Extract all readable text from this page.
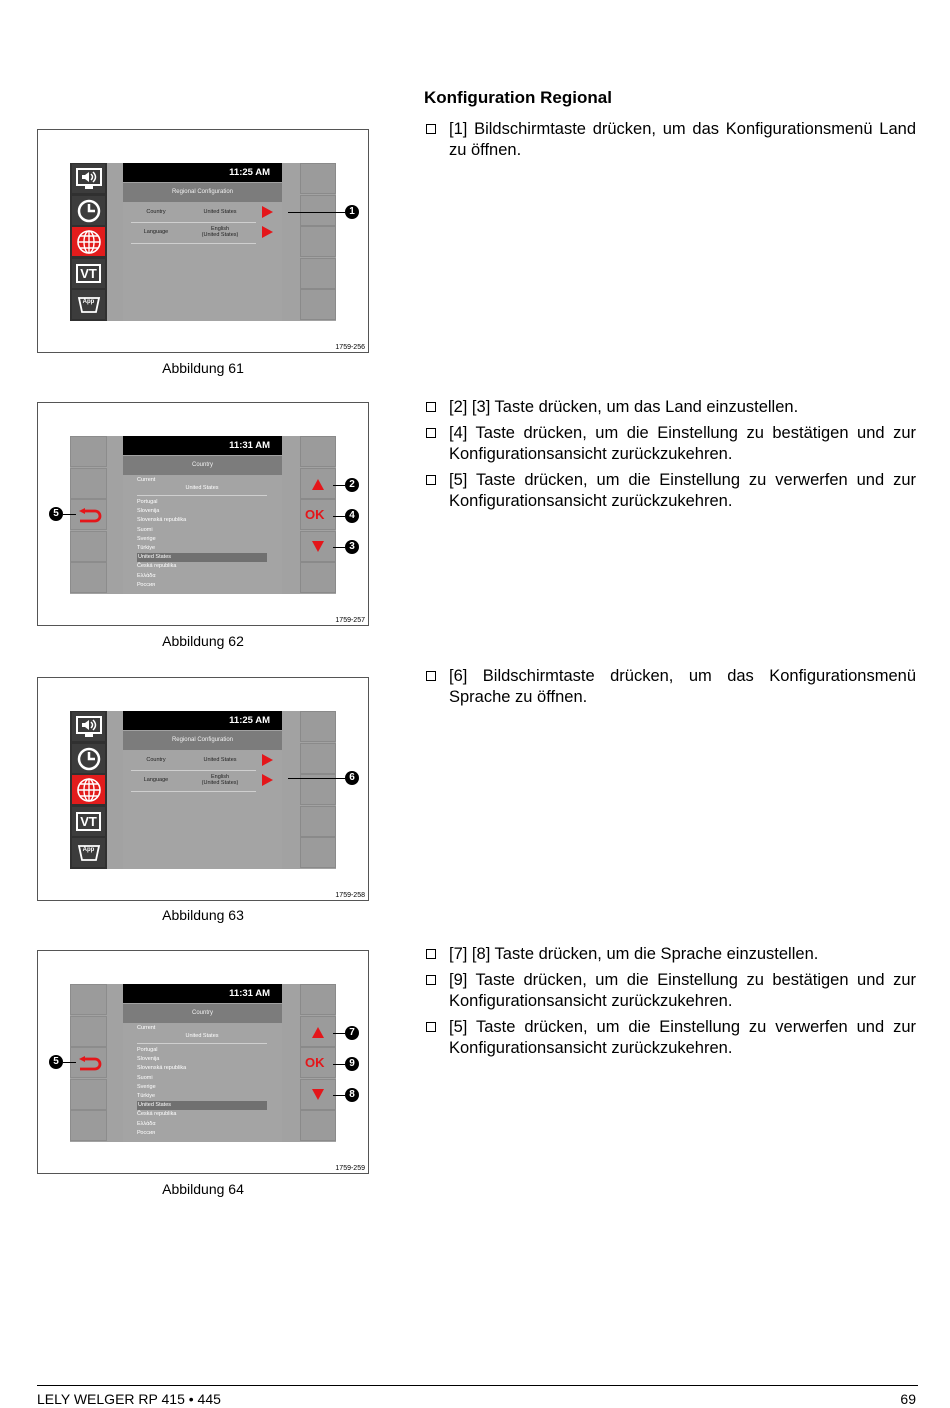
Konfiguration Regional
[1] Bildschirmtaste drücken, um das Konfigurationsmenü Land zu öffnen.
[2] [3] Taste drücken, um das Land einzustellen.
[4] Taste drücken, um die Einstellung zu bestätigen und zur Konfigurationsansicht zurückzukehren.
[5] Taste drücken, um die Einstellung zu verwerfen und zur Konfigurationsansicht zurückzukehren.
[6] Bildschirmtaste drücken, um das Konfigurationsmenü Sprache zu öffnen.
[7] [8] Taste drücken, um die Sprache einzustellen.
[9] Taste drücken, um die Einstellung zu bestätigen und zur Konfigurationsansicht zurückzukehren.
[5] Taste drücken, um die Einstellung zu verwerfen und zur Konfigurationsansicht zurückzukehren.
1759-256
VT
App
11:25 AM
Regional Configuration
Country	United States
Language	English
(United States)
1
Abbildung 61
1759-257
11:31 AM
Country
Current
United States
Portugal
Slovenija
Slovenská republika
Suomi
Sverige
Türkiye
United States
Česká republika
Ελλάδα
Россия
OK
2
4
3
5
Abbildung 62
1759-258
VT
App
11:25 AM
Regional Configuration
Country	United States
Language	English
(United States)	6
Abbildung 63
1759-259
11:31 AM
Country
Current
United States
Portugal
Slovenija
Slovenská republika
Suomi
Sverige
Türkiye
United States
Česká republika
Ελλάδα
Россия
OK
7
9
8
5
Abbildung 64
LELY WELGER RP 415 • 445	69
